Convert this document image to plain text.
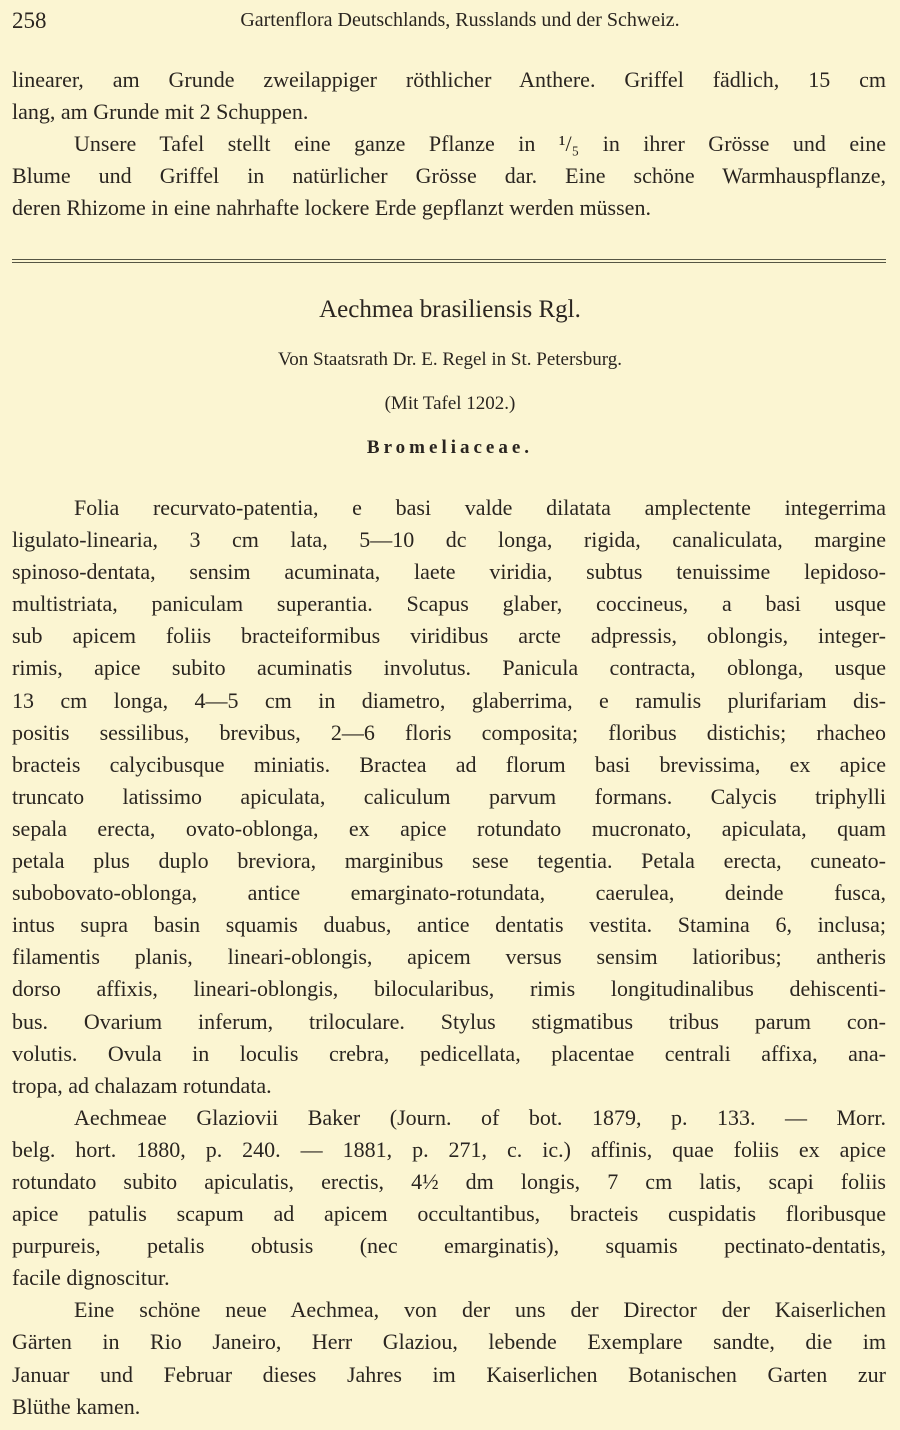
258	Gartenflora Deutschlands, Russlands und der Schweiz.
linearer, am Grunde zweilappiger röthlicher Anthere. Griffel fädlich, 15 cm
lang, am Grunde mit 2 Schuppen.
Unsere Tafel stellt eine ganze Pflanze in ¹/₅ in ihrer Grösse und eine
Blume und Griffel in natürlicher Grösse dar. Eine schöne Warmhauspflanze,
deren Rhizome in eine nahrhafte lockere Erde gepflanzt werden müssen.
Aechmea brasiliensis Rgl.
Von Staatsrath Dr. E. Regel in St. Petersburg.
(Mit Tafel 1202.)
Bromeliaceae.
Folia recurvato-patentia, e basi valde dilatata amplectente integerrima
ligulato-linearia, 3 cm lata, 5—10 dc longa, rigida, canaliculata, margine
spinoso-dentata, sensim acuminata, laete viridia, subtus tenuissime lepidoso-
multistriata, paniculam superantia. Scapus glaber, coccineus, a basi usque
sub apicem foliis bracteiformibus viridibus arcte adpressis, oblongis, integer-
rimis, apice subito acuminatis involutus. Panicula contracta, oblonga, usque
13 cm longa, 4—5 cm in diametro, glaberrima, e ramulis plurifariam dis-
positis sessilibus, brevibus, 2—6 floris composita; floribus distichis; rhacheo
bracteis calycibusque miniatis. Bractea ad florum basi brevissima, ex apice
truncato latissimo apiculata, caliculum parvum formans. Calycis triphylli
sepala erecta, ovato-oblonga, ex apice rotundato mucronato, apiculata, quam
petala plus duplo breviora, marginibus sese tegentia. Petala erecta, cuneato-
subobovato-oblonga, antice emarginato-rotundata, caerulea, deinde fusca,
intus supra basin squamis duabus, antice dentatis vestita. Stamina 6, inclusa;
filamentis planis, lineari-oblongis, apicem versus sensim latioribus; antheris
dorso affixis, lineari-oblongis, bilocularibus, rimis longitudinalibus dehiscenti-
bus. Ovarium inferum, triloculare. Stylus stigmatibus tribus parum con-
volutis. Ovula in loculis crebra, pedicellata, placentae centrali affixa, ana-
tropa, ad chalazam rotundata.
Aechmeae Glaziovii Baker (Journ. of bot. 1879, p. 133. — Morr.
belg. hort. 1880, p. 240. — 1881, p. 271, c. ic.) affinis, quae foliis ex apice
rotundato subito apiculatis, erectis, 4½ dm longis, 7 cm latis, scapi foliis
apice patulis scapum ad apicem occultantibus, bracteis cuspidatis floribusque
purpureis, petalis obtusis (nec emarginatis), squamis pectinato-dentatis,
facile dignoscitur.
Eine schöne neue Aechmea, von der uns der Director der Kaiserlichen
Gärten in Rio Janeiro, Herr Glaziou, lebende Exemplare sandte, die im
Januar und Februar dieses Jahres im Kaiserlichen Botanischen Garten zur
Blüthe kamen.
